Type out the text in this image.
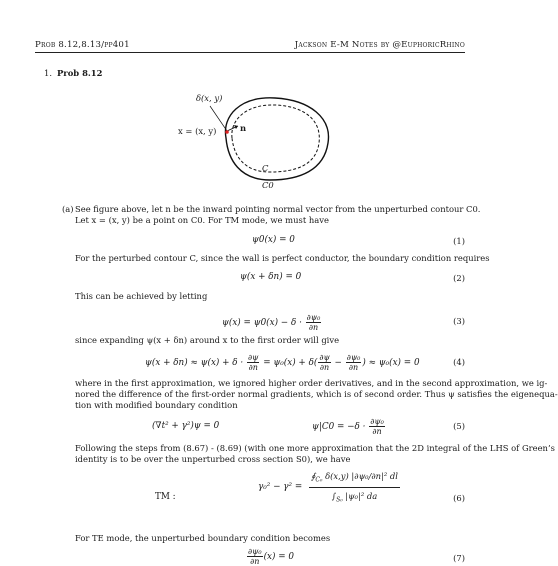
Prob 8.12,8.13/pp401	Jackson E-M Notes by @EuphoricRhino
1. Prob 8.12
δ(x, y)
x = (x, y)	n
C
C0
(a) See figure above, let n be the inward pointing normal vector from the unperturbed contour C0.
Let x = (x, y) be a point on C0. For TM mode, we must have
ψ0(x) = 0	(1)
For the perturbed contour C, since the wall is perfect conductor, the boundary condition requires
ψ(x + δn) = 0	(2)
This can be achieved by letting
$\psi(x) = \psi 0(x) - \delta \cdot \frac{\text{∂ψ₀}}{\partial n}$	(3)
since expanding ψ(x + δn) around x to the first order will give
$\psi(x + \delta n) \approx \psi(x) + \delta \cdot \frac{\partial\psi}{\partial n} = \psi_0(x) + \delta( \frac{\partial\psi}{\partial n} - \frac{\text{∂ψ₀}}{\partial n}$ ) ≈ ψ₀(x) = 0	(4)
where in the first approximation, we ignored higher order derivatives, and in the second approximation, we ig-
nored the difference of the first-order normal gradients, which is of second order. Thus ψ satisfies the eigenequa-
tion with modified boundary condition
(∇t² + γ²)ψ = 0	$\psi|C0 = -\delta \cdot \frac{\text{∂ψ₀}}{\partial n}$	(5)
Following the steps from (8.67) - (8.69) (with one more approximation that the 2D integral of the LHS of Green’s
identity is to be over the unperturbed cross section S0), we have
TM :
$\gamma_0^2 - \gamma^2 = \frac{∮_{C_0} \delta(x,y) |\partial\psi_0/\partial n|^2 dl}{\int_{S_0} |\psi_0|^2 da}$	(6)
For TE mode, the unperturbed boundary condition becomes
$\frac{\text{∂ψ₀}}{\partial n} (x) = 0$	(7)
